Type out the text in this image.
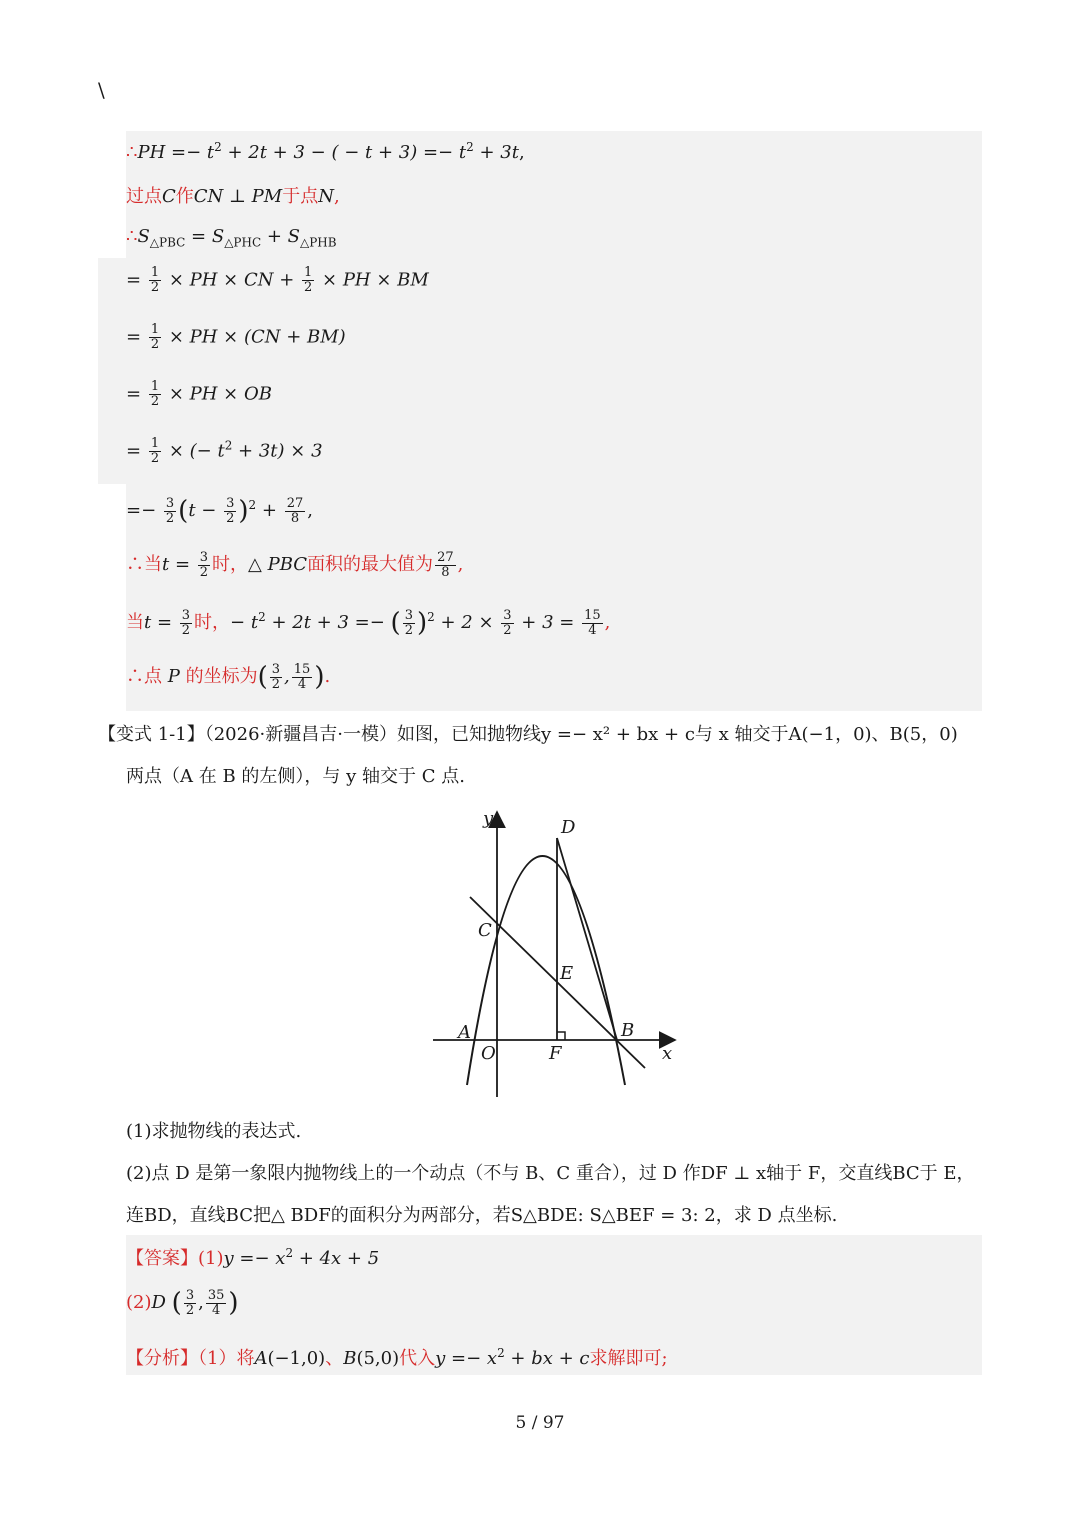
\
∴PH =− $t^2 + 2t + 3$ − ( − $t + 3) =- t^2 + 3t$,
过点C作CN ⊥ PM于点N,
$\therefore S_{\triangle PBC} = S_{\triangle PHC} + S_{\triangle PHB}$
= $\frac{1}{2}$ × PH × CN + $\frac{1}{2}$ × PH × BM
= $\frac{1}{2}$ × PH × (CN + BM)
= $\frac{1}{2}$ × PH × OB
= $\frac{1}{2}$ × (− $t^2 + 3t) \times 3$
=− $\frac{3}{2} (t - \frac{3}{2} )^2 + \frac{27}{8}$ ,
∴当$t = \frac{3}{2}$ 时，△ PBC面积的最大值为 $\frac{27}{8}$ ,
当$t = \frac{3}{2}$ 时，− $t^2 + 2t + 3$ =− ( $\frac{3}{2} )^2 + 2 \times \frac{3}{2} + 3 = \frac{15}{4}$ ,
∴点 P 的坐标为( $\frac{3}{2}$ , $\frac{15}{4}$ ).
【变式 1-1】（2026·新疆昌吉·一模）如图，已知抛物线y =− x² + bx + c与 x 轴交于A(−1，0)、B(5，0)
两点（A 在 B 的左侧），与 y 轴交于 C 点.
y
x
D
C
E
A
O	F
B
(1)求抛物线的表达式.
(2)点 D 是第一象限内抛物线上的一个动点（不与 B、C 重合），过 D 作DF ⊥ x轴于 F，交直线BC于 E，
连BD，直线BC把△ BDF的面积分为两部分，若S△BDE: S△BEF = 3: 2，求 D 点坐标.
【答案】$(1)y =- x^2 + 4x + 5$
(2)D ( $\frac{3}{2}$ , $\frac{35}{4}$ )
【分析】（1）将A(−1,0)、B(5,0)代入$y =- x^2$ + bx + c求解即可;
5 / 97
